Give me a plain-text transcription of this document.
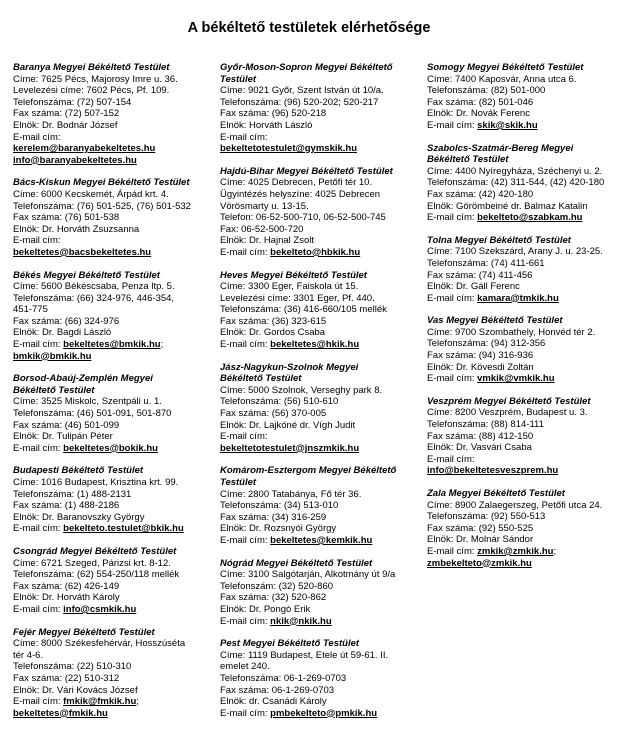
A békéltető testületek elérhetősége
Baranya Megyei Békéltető Testület
Címe: 7625 Pécs, Majorosy Imre u. 36.
Levelezési címe: 7602 Pécs, Pf. 109.
Telefonszáma: (72) 507-154
Fax száma: (72) 507-152
Elnök: Dr. Bodnár József
E-mail cím:
kerelem@baranyabekeltetes.hu
info@baranyabekeltetes.hu
Bács-Kiskun Megyei Békéltető Testület
Címe: 6000 Kecskemét, Árpád krt. 4.
Telefonszáma: (76) 501-525, (76) 501-532
Fax száma: (76) 501-538
Elnök: Dr. Horváth Zsuzsanna
E-mail cím:
bekeltetes@bacsbekeltetes.hu
Békés Megyei Békéltető Testület
Címe: 5600 Békéscsaba, Penza ltp. 5.
Telefonszáma: (66) 324-976, 446-354,
451-775
Fax száma: (66) 324-976
Elnök: Dr. Bagdi László
E-mail cím: bekeltetes@bmkik.hu;
bmkik@bmkik.hu
Borsod-Abaúj-Zemplén Megyei
Békéltető Testület
Címe: 3525 Miskolc, Szentpáli u. 1.
Telefonszáma: (46) 501-091, 501-870
Fax száma: (46) 501-099
Elnök: Dr. Tulipán Péter
E-mail cím: bekeltetes@bokik.hu
Budapesti Békéltető Testület
Címe: 1016 Budapest, Krisztina krt. 99.
Telefonszáma: (1) 488-2131
Fax száma: (1) 488-2186
Elnök: Dr. Baranovszky György
E-mail cím: bekelteto.testulet@bkik.hu
Csongrád Megyei Békéltető Testület
Címe: 6721 Szeged, Párizsi krt. 8-12.
Telefonszáma: (62) 554-250/118 mellék
Fax száma: (62) 426-149
Elnök: Dr. Horváth Károly
E-mail cím: info@csmkik.hu
Fejér Megyei Békéltető Testület
Címe: 8000 Székesfehérvár, Hosszúséta
tér 4-6.
Telefonszáma: (22) 510-310
Fax száma: (22) 510-312
Elnök: Dr. Vári Kovács József
E-mail cím: fmkik@fmkik.hu;
bekeltetes@fmkik.hu
Győr-Moson-Sopron Megyei Békéltető
Testület
Címe: 9021 Győr, Szent István út 10/a.
Telefonszáma: (96) 520-202; 520-217
Fax száma: (96) 520-218
Elnök: Horváth László
E-mail cím:
bekeltetotestulet@gymskik.hu
Hajdú-Bihar Megyei Békéltető Testület
Címe: 4025 Debrecen, Petőfi tér 10.
Ügyintézés helyszíne: 4025 Debrecen
Vörösmarty u. 13-15.
Telefon: 06-52-500-710, 06-52-500-745
Fax: 06-52-500-720
Elnök: Dr. Hajnal Zsolt
E-mail cím: bekelteto@hbkik.hu
Heves Megyei Békéltető Testület
Címe: 3300 Eger, Faiskola út 15.
Levelezési címe: 3301 Eger, Pf. 440.
Telefonszáma: (36) 416-660/105 mellék
Fax száma: (36) 323-615
Elnök: Dr. Gordos Csaba
E-mail cím: bekeltetes@hkik.hu
Jász-Nagykun-Szolnok Megyei
Békéltető Testület
Címe: 5000 Szolnok, Verseghy park 8.
Telefonszáma: (56) 510-610
Fax száma: (56) 370-005
Elnök: Dr. Lajkóné dr. Vígh Judit
E-mail cím:
bekeltetotestulet@jnszmkik.hu
Komárom-Esztergom Megyei Békéltető
Testület
Címe: 2800 Tatabánya, Fő tér 36.
Telefonszáma: (34) 513-010
Fax száma: (34) 316-259
Elnök: Dr. Rozsnyói György
E-mail cím: bekeltetes@kemkik.hu
Nógrád Megyei Békéltető Testület
Címe: 3100 Salgótarján, Alkotmány út 9/a
Telefonszám: (32) 520-860
Fax száma: (32) 520-862
Elnök: Dr. Pongó Erik
E-mail cím: nkik@nkik.hu
Pest Megyei Békéltető Testület
Címe: 1119 Budapest, Etele út 59-61. II.
emelet 240.
Telefonszáma: 06-1-269-0703
Fax száma: 06-1-269-0703
Elnök: dr. Csanádi Károly
E-mail cím: pmbekelteto@pmkik.hu
Somogy Megyei Békéltető Testület
Címe: 7400 Kaposvár, Anna utca 6.
Telefonszáma: (82) 501-000
Fax száma: (82) 501-046
Elnök: Dr. Novák Ferenc
E-mail cím: skik@skik.hu
Szabolcs-Szatmár-Bereg Megyei
Békéltető Testület
Címe: 4400 Nyíregyháza, Széchenyi u. 2.
Telefonszáma: (42) 311-544, (42) 420-180
Fax száma: (42) 420-180
Elnök: Görömbeiné dr. Balmaz Katalin
E-mail cím: bekelteto@szabkam.hu
Tolna Megyei Békéltető Testület
Címe: 7100 Szekszárd, Arany J. u. 23-25.
Telefonszáma: (74) 411-661
Fax száma: (74) 411-456
Elnök: Dr. Gáll Ferenc
E-mail cím: kamara@tmkik.hu
Vas Megyei Békéltető Testület
Címe: 9700 Szombathely, Honvéd tér 2.
Telefonszáma: (94) 312-356
Fax száma: (94) 316-936
Elnök: Dr. Kövesdi Zoltán
E-mail cím: vmkik@vmkik.hu
Veszprém Megyei Békéltető Testület
Címe: 8200 Veszprém, Budapest u. 3.
Telefonszáma: (88) 814-111
Fax száma: (88) 412-150
Elnök: Dr. Vasvári Csaba
E-mail cím:
info@bekeltetesveszprem.hu
Zala Megyei Békéltető Testület
Címe: 8900 Zalaegerszeg, Petőfi utca 24.
Telefonszáma: (92) 550-513
Fax száma: (92) 550-525
Elnök: Dr. Molnár Sándor
E-mail cím: zmkik@zmkik.hu;
zmbekelteto@zmkik.hu
